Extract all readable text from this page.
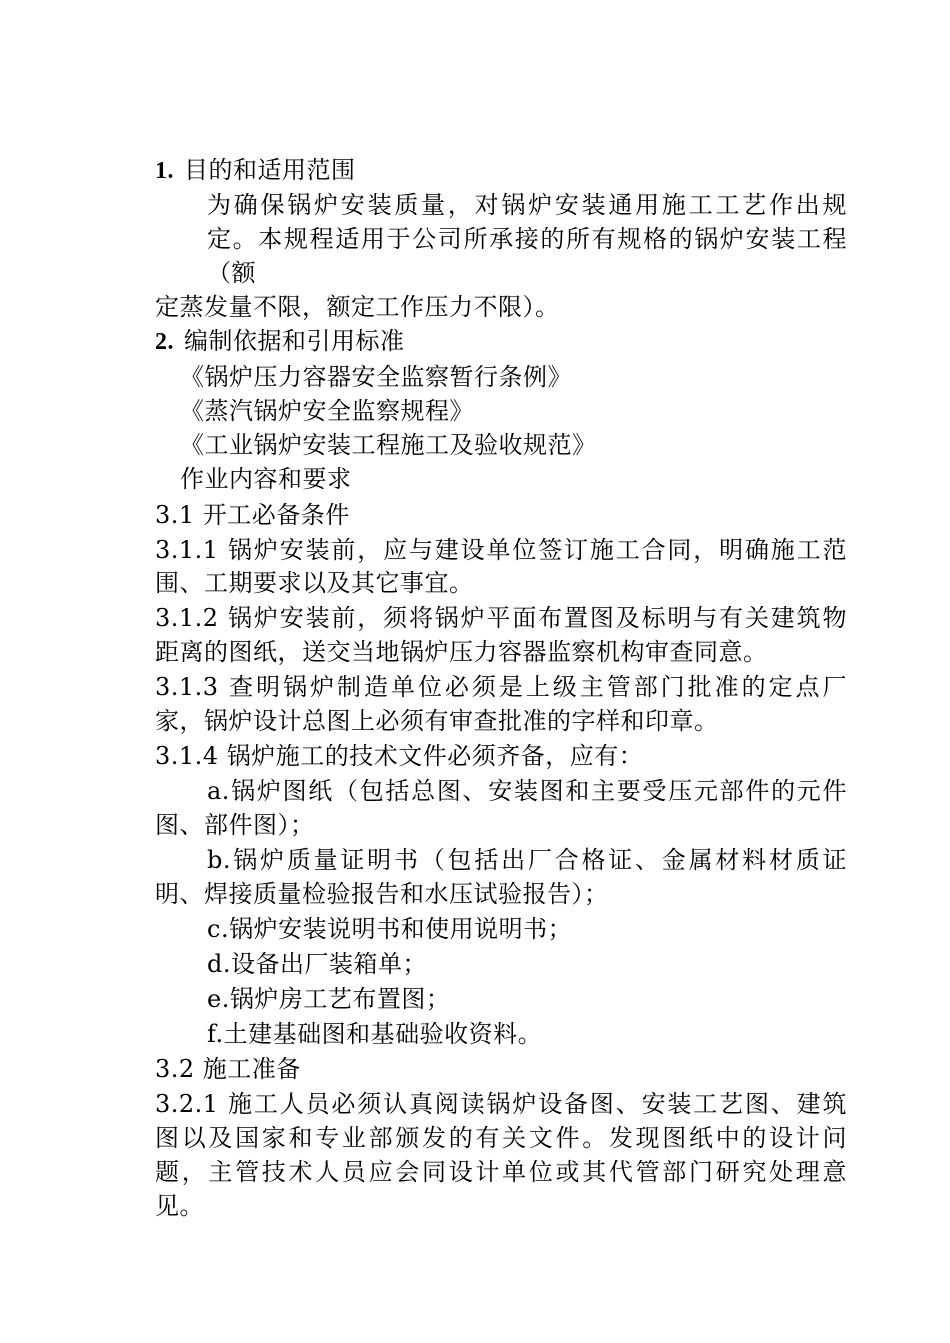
1. 目的和适用范围
为确保锅炉安装质量，对锅炉安装通用施工工艺作出规
定。本规程适用于公司所承接的所有规格的锅炉安装工程
（额
定蒸发量不限，额定工作压力不限）。
2. 编制依据和引用标准
《锅炉压力容器安全监察暂行条例》
《蒸汽锅炉安全监察规程》
《工业锅炉安装工程施工及验收规范》
作业内容和要求
3.1 开工必备条件
3.1.1 锅炉安装前，应与建设单位签订施工合同，明确施工范
围、工期要求以及其它事宜。
3.1.2 锅炉安装前，须将锅炉平面布置图及标明与有关建筑物
距离的图纸，送交当地锅炉压力容器监察机构审查同意。
3.1.3 查明锅炉制造单位必须是上级主管部门批准的定点厂
家，锅炉设计总图上必须有审查批准的字样和印章。
3.1.4 锅炉施工的技术文件必须齐备，应有：
a.锅炉图纸（包括总图、安装图和主要受压元部件的元件
图、部件图）；
b.锅炉质量证明书（包括出厂合格证、金属材料材质证
明、焊接质量检验报告和水压试验报告）；
c.锅炉安装说明书和使用说明书；
d.设备出厂装箱单；
e.锅炉房工艺布置图；
f.土建基础图和基础验收资料。
3.2 施工准备
3.2.1 施工人员必须认真阅读锅炉设备图、安装工艺图、建筑
图以及国家和专业部颁发的有关文件。发现图纸中的设计问
题，主管技术人员应会同设计单位或其代管部门研究处理意
见。
